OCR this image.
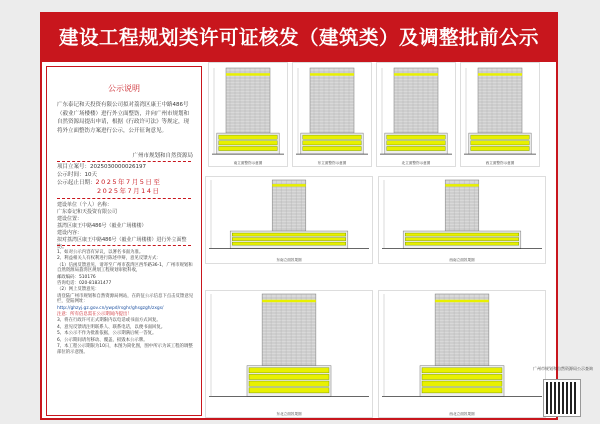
建设工程规划类许可证核发（建筑类）及调整批前公示
公示说明
广东泰记和天投资有限公司拟对荔湾区康王中路486号（毅业广场楼楼）进行外立面整饬，并向广州市规划和自然资源局提出申请，根据《行政许可法》等规定，现将外立面整饬方案进行公示，公开征询意见。
广州市规划和自然资源局
项目立案号：2025030000026197
公示时间：10天
公示起止日期：2025年7月5日至
2025年7月14日
建设单位（个人）名称：
广东泰记和天投资有限公司
建设位置：
荔湾区康王中路486号（毅业广场楼楼）
建设内容：
拟对荔湾区康王中路486号（毅业广场楼楼）进行外立面整饬。

1、如对公示内容有异议，以署名书面为准。

2、利益相关人有权利进行陈述申辩，意见反馈方式：

（1）信函反馈意见，请寄至广州市荔湾区西华路36-1，广州市规划和自然资源局荔湾区规划工程规划审批科收，

邮政编码：510176

咨询电话：020-81831477

（2）网上反馈意见：

请登陆广州市规划和自然资源局网站，在的征公示信息下点击反馈意见栏，登陆网址：

http://ghzyj.gz.gov.cn/ywpd/rsghr/ghsgzgh/zxgs/

注意：所有信息需在公示期间内提出！

3、将在行政许可正式期限内以电话或书面方式回复。

4、意见反馈请注明联系人、联系电话，以便书面回复。

5、本公示不作为批准依据，公示期满后统一答复。

6、公示期间请勿移动、覆盖、损毁本公示牌。

7、本工程公示期限为10日，本图为简化图，图中所示为该工程的调整部位的示意图。

南立面整饬示意图	东立面整饬示意图	北立面整饬示意图	西立面整饬示意图
东南立面效果图	西南立面效果图
东北立面效果图	西北立面效果图
广州市规划和自然资源局公示查询
